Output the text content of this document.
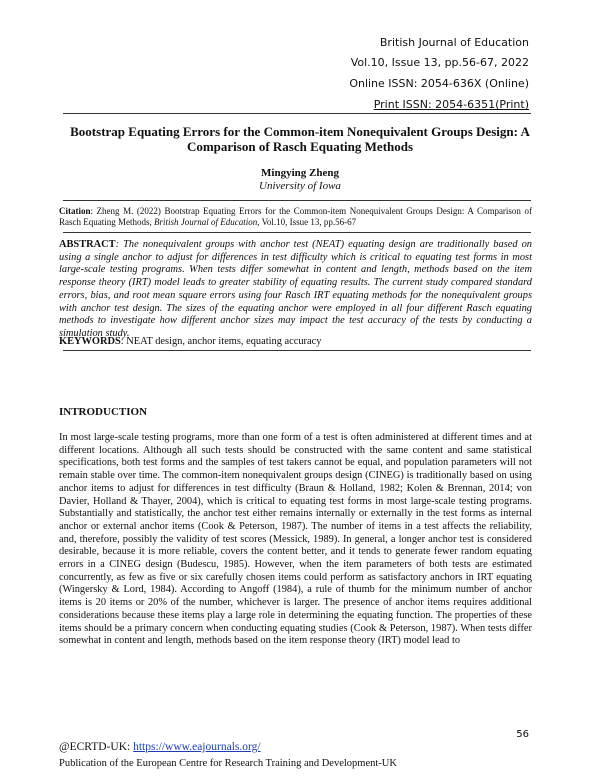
British Journal of Education
Vol.10, Issue 13, pp.56-67, 2022
Online ISSN: 2054-636X (Online)
Print ISSN: 2054-6351(Print)
Bootstrap Equating Errors for the Common-item Nonequivalent Groups Design: A Comparison of Rasch Equating Methods
Mingying Zheng
University of Iowa
Citation: Zheng M. (2022) Bootstrap Equating Errors for the Common-item Nonequivalent Groups Design: A Comparison of Rasch Equating Methods, British Journal of Education, Vol.10, Issue 13, pp.56-67
ABSTRACT: The nonequivalent groups with anchor test (NEAT) equating design are traditionally based on using a single anchor to adjust for differences in test difficulty which is critical to equating test forms in most large-scale testing programs. When tests differ somewhat in content and length, methods based on the item response theory (IRT) model leads to greater stability of equating results. The current study compared standard errors, bias, and root mean square errors using four Rasch IRT equating methods for the nonequivalent groups with anchor test design. The sizes of the equating anchor were employed in all four different Rasch equating methods to investigate how different anchor sizes may impact the test accuracy of the tests by conducting a simulation study.
KEYWORDS: NEAT design, anchor items, equating accuracy
INTRODUCTION
In most large-scale testing programs, more than one form of a test is often administered at different times and at different locations. Although all such tests should be constructed with the same content and same statistical specifications, both test forms and the samples of test takers cannot be equal, and population parameters will not remain stable over time. The common-item nonequivalent groups design (CINEG) is traditionally based on using anchor items to adjust for differences in test difficulty (Braun & Holland, 1982; Kolen & Brennan, 2014; von Davier, Holland & Thayer, 2004), which is critical to equating test forms in most large-scale testing programs. Substantially and statistically, the anchor test either remains internally or externally in the test forms as internal anchor or external anchor items (Cook & Peterson, 1987). The number of items in a test affects the reliability, and, therefore, possibly the validity of test scores (Messick, 1989). In general, a longer anchor test is considered desirable, because it is more reliable, covers the content better, and it tends to generate fewer random equating errors in a CINEG design (Budescu, 1985). However, when the item parameters of both tests are estimated concurrently, as few as five or six carefully chosen items could perform as satisfactory anchors in IRT equating (Wingersky & Lord, 1984). According to Angoff (1984), a rule of thumb for the minimum number of anchor items is 20 items or 20% of the number, whichever is larger. The presence of anchor items requires additional considerations because these items play a large role in determining the equating function. The properties of these items should be a primary concern when conducting equating studies (Cook & Peterson, 1987). When tests differ somewhat in content and length, methods based on the item response theory (IRT) model lead to
56
@ECRTD-UK: https://www.eajournals.org/
Publication of the European Centre for Research Training and Development-UK
